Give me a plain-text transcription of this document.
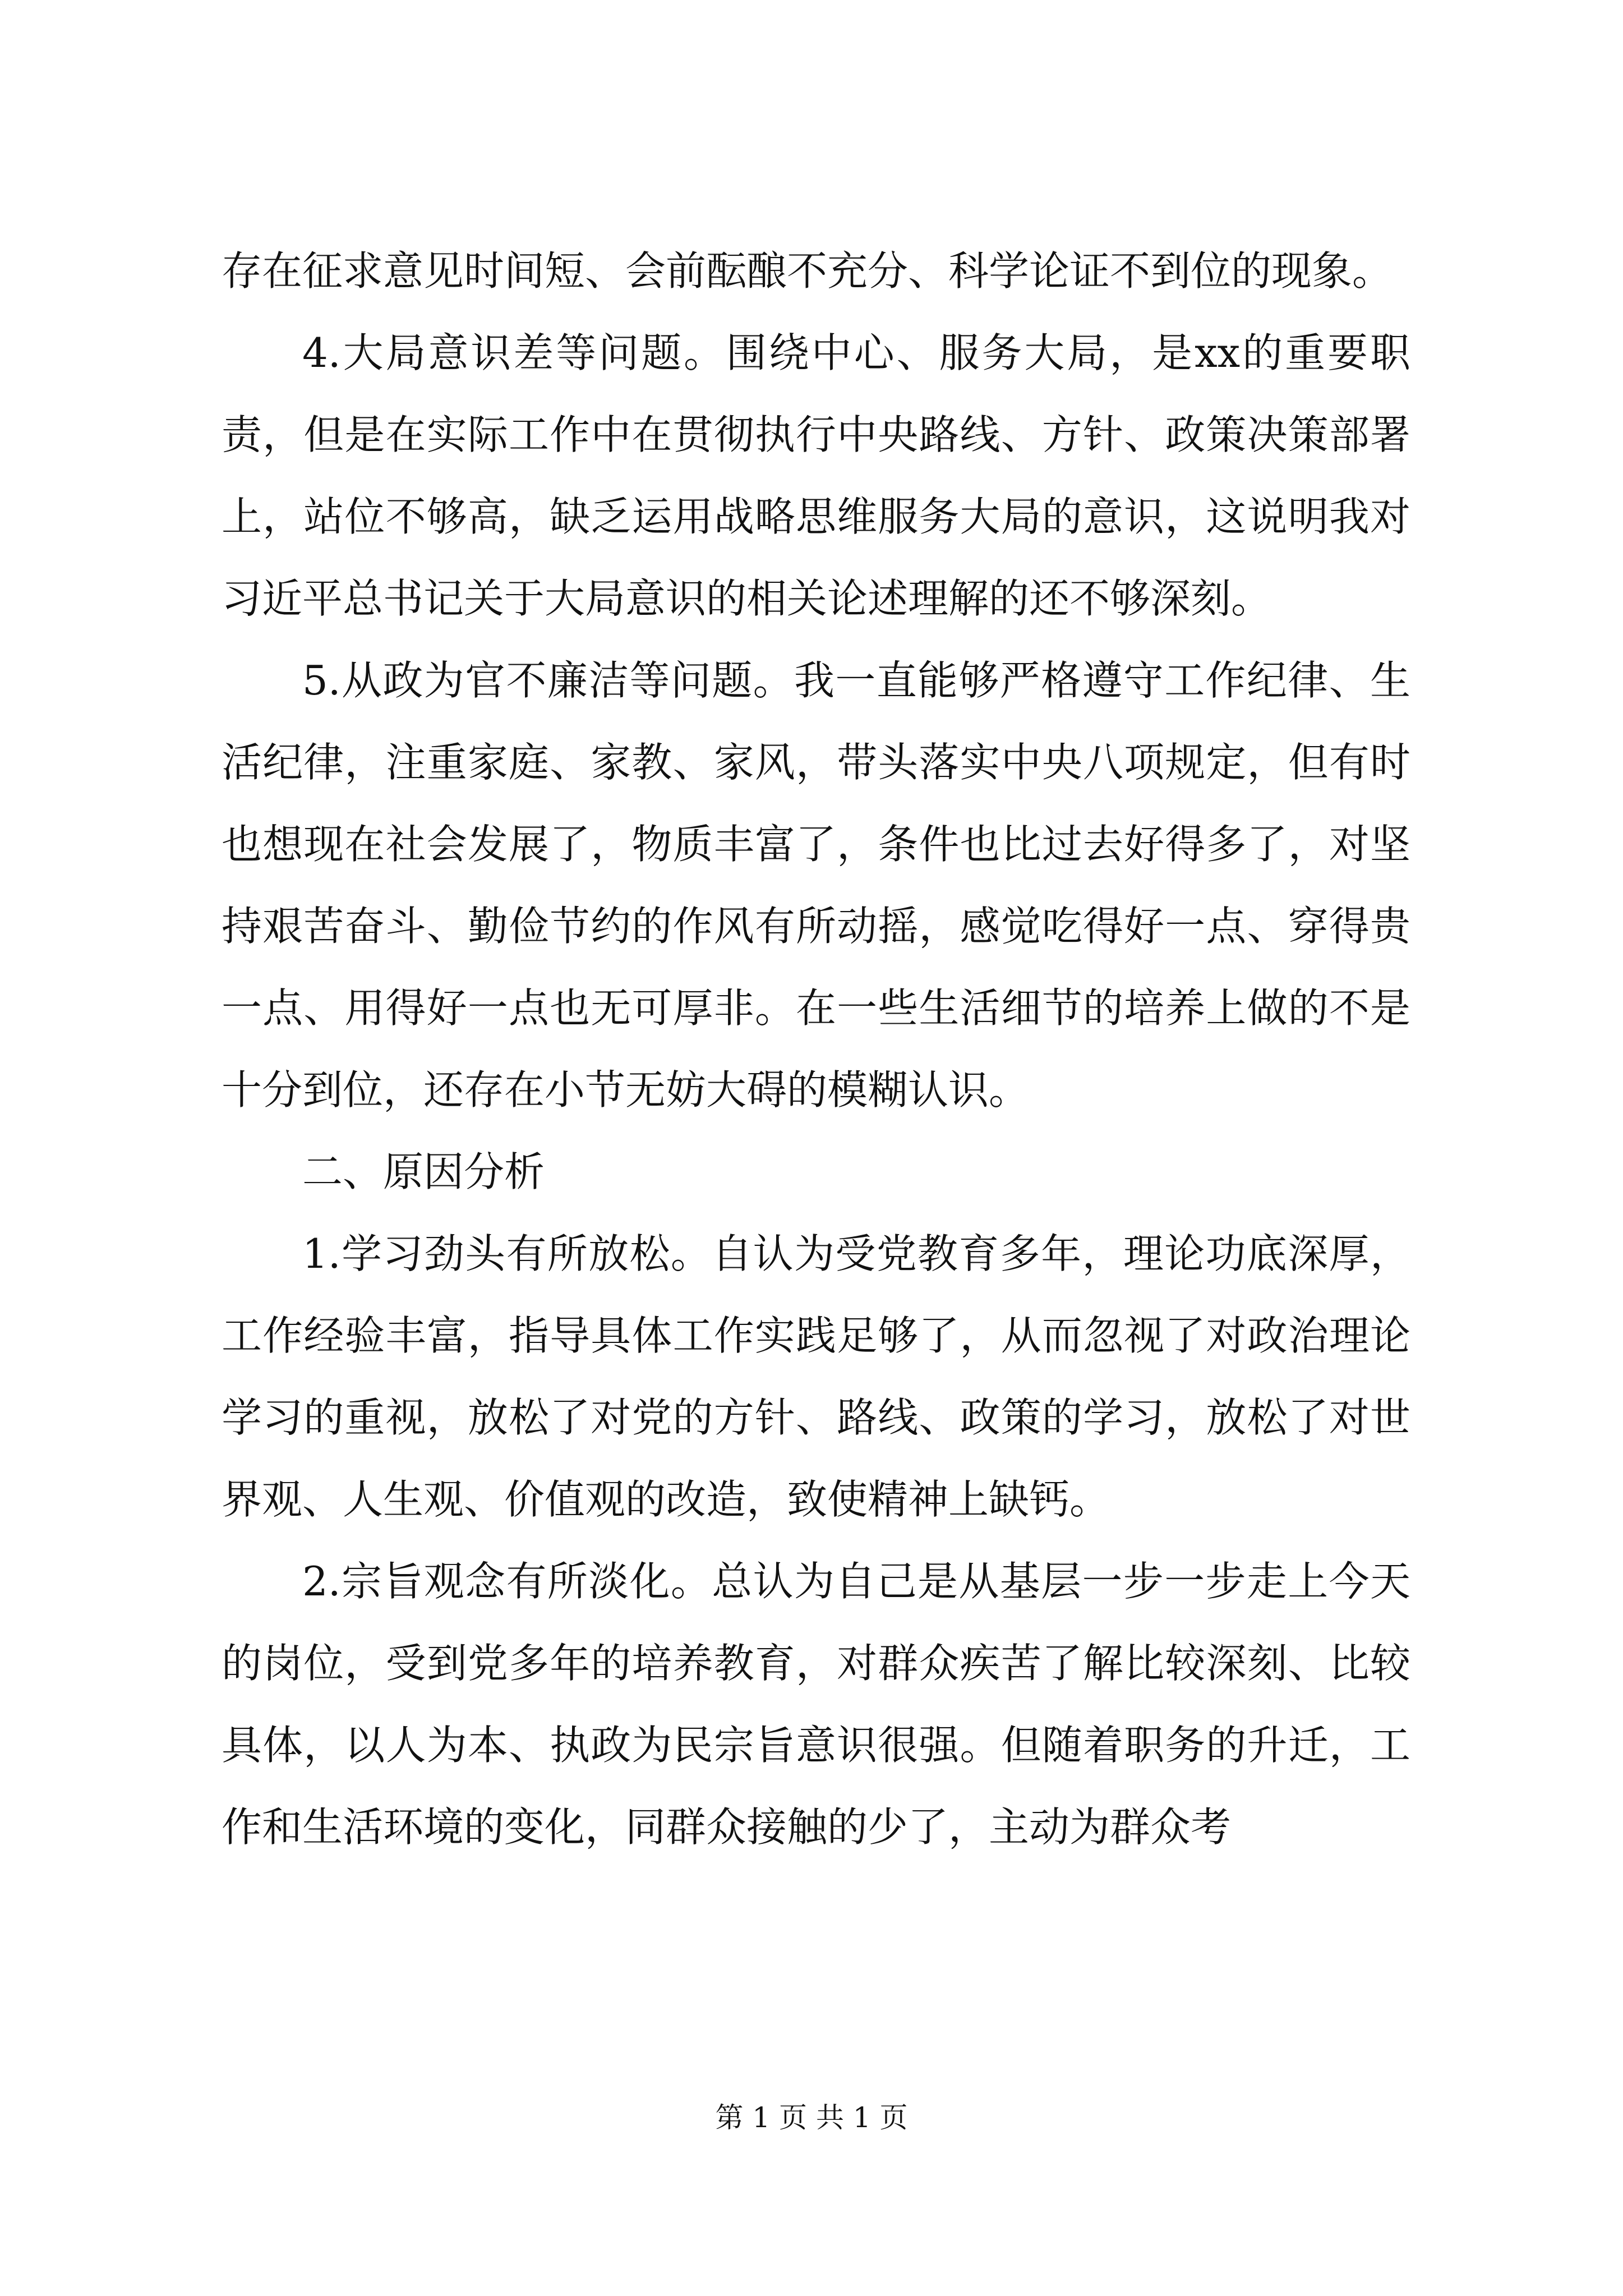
存在征求意见时间短、会前酝酿不充分、科学论证不到位的现象。

4.大局意识差等问题。围绕中心、服务大局，是xx的重要职责，但是在实际工作中在贯彻执行中央路线、方针、政策决策部署上，站位不够高，缺乏运用战略思维服务大局的意识，这说明我对习近平总书记关于大局意识的相关论述理解的还不够深刻。

5.从政为官不廉洁等问题。我一直能够严格遵守工作纪律、生活纪律，注重家庭、家教、家风，带头落实中央八项规定，但有时也想现在社会发展了，物质丰富了，条件也比过去好得多了，对坚持艰苦奋斗、勤俭节约的作风有所动摇，感觉吃得好一点、穿得贵一点、用得好一点也无可厚非。在一些生活细节的培养上做的不是十分到位，还存在小节无妨大碍的模糊认识。

二、原因分析

1.学习劲头有所放松。自认为受党教育多年，理论功底深厚，工作经验丰富，指导具体工作实践足够了，从而忽视了对政治理论学习的重视，放松了对党的方针、路线、政策的学习，放松了对世界观、人生观、价值观的改造，致使精神上缺钙。

2.宗旨观念有所淡化。总认为自己是从基层一步一步走上今天的岗位，受到党多年的培养教育，对群众疾苦了解比较深刻、比较具体，以人为本、执政为民宗旨意识很强。但随着职务的升迁，工作和生活环境的变化，同群众接触的少了，主动为群众考

第 1 页 共 1 页
